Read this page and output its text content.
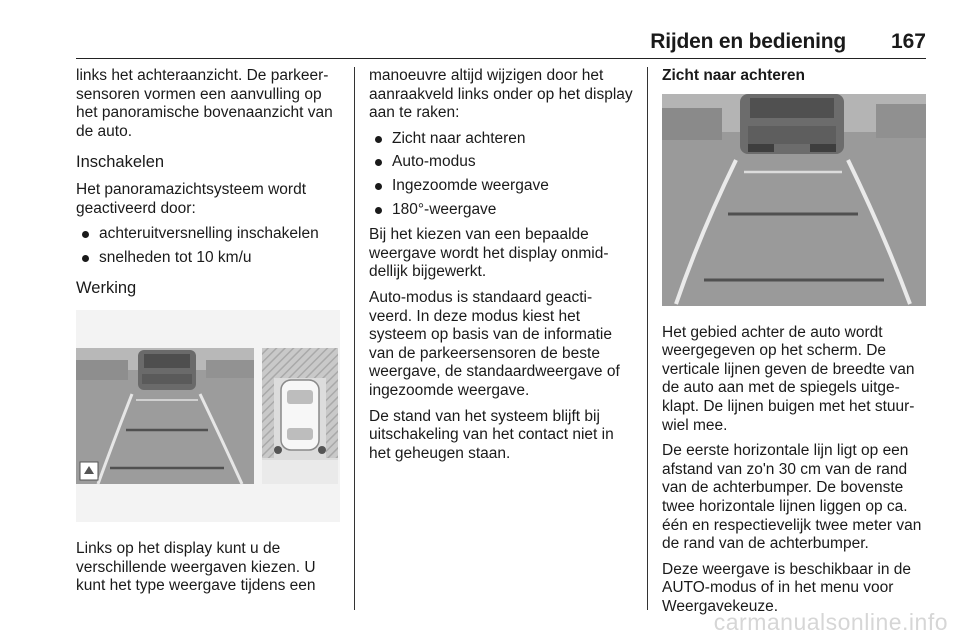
Rijden en bediening 167

links het achteraanzicht. De parkeer-sensoren vormen een aanvulling op het panoramische bovenaanzicht van de auto.

Inschakelen

Het panoramazichtsysteem wordt geactiveerd door:

achteruitversnelling inschakelen
snelheden tot 10 km/u
Werking

Links op het display kunt u de verschillende weergaven kiezen. U kunt het type weergave tijdens een

manoeuvre altijd wijzigen door het aanraakveld links onder op het display aan te raken:

Zicht naar achteren
Auto-modus
Ingezoomde weergave
180°-weergave

Bij het kiezen van een bepaalde weergave wordt het display onmid-dellijk bijgewerkt.

Auto-modus is standaard geacti-veerd. In deze modus kiest het systeem op basis van de informatie van de parkeersensoren de beste weergave, de standaardweergave of ingezoomde weergave.

De stand van het systeem blijft bij uitschakeling van het contact niet in het geheugen staan.

Zicht naar achteren

Het gebied achter de auto wordt weergegeven op het scherm. De verticale lijnen geven de breedte van de auto aan met de spiegels uitge-klapt. De lijnen buigen met het stuur-wiel mee.

De eerste horizontale lijn ligt op een afstand van zo'n 30 cm van de rand van de achterbumper. De bovenste twee horizontale lijnen liggen op ca. één en respectievelijk twee meter van de rand van de achterbumper.

Deze weergave is beschikbaar in de AUTO-modus of in het menu voor Weergavekeuze.

carmanualsonline.info
